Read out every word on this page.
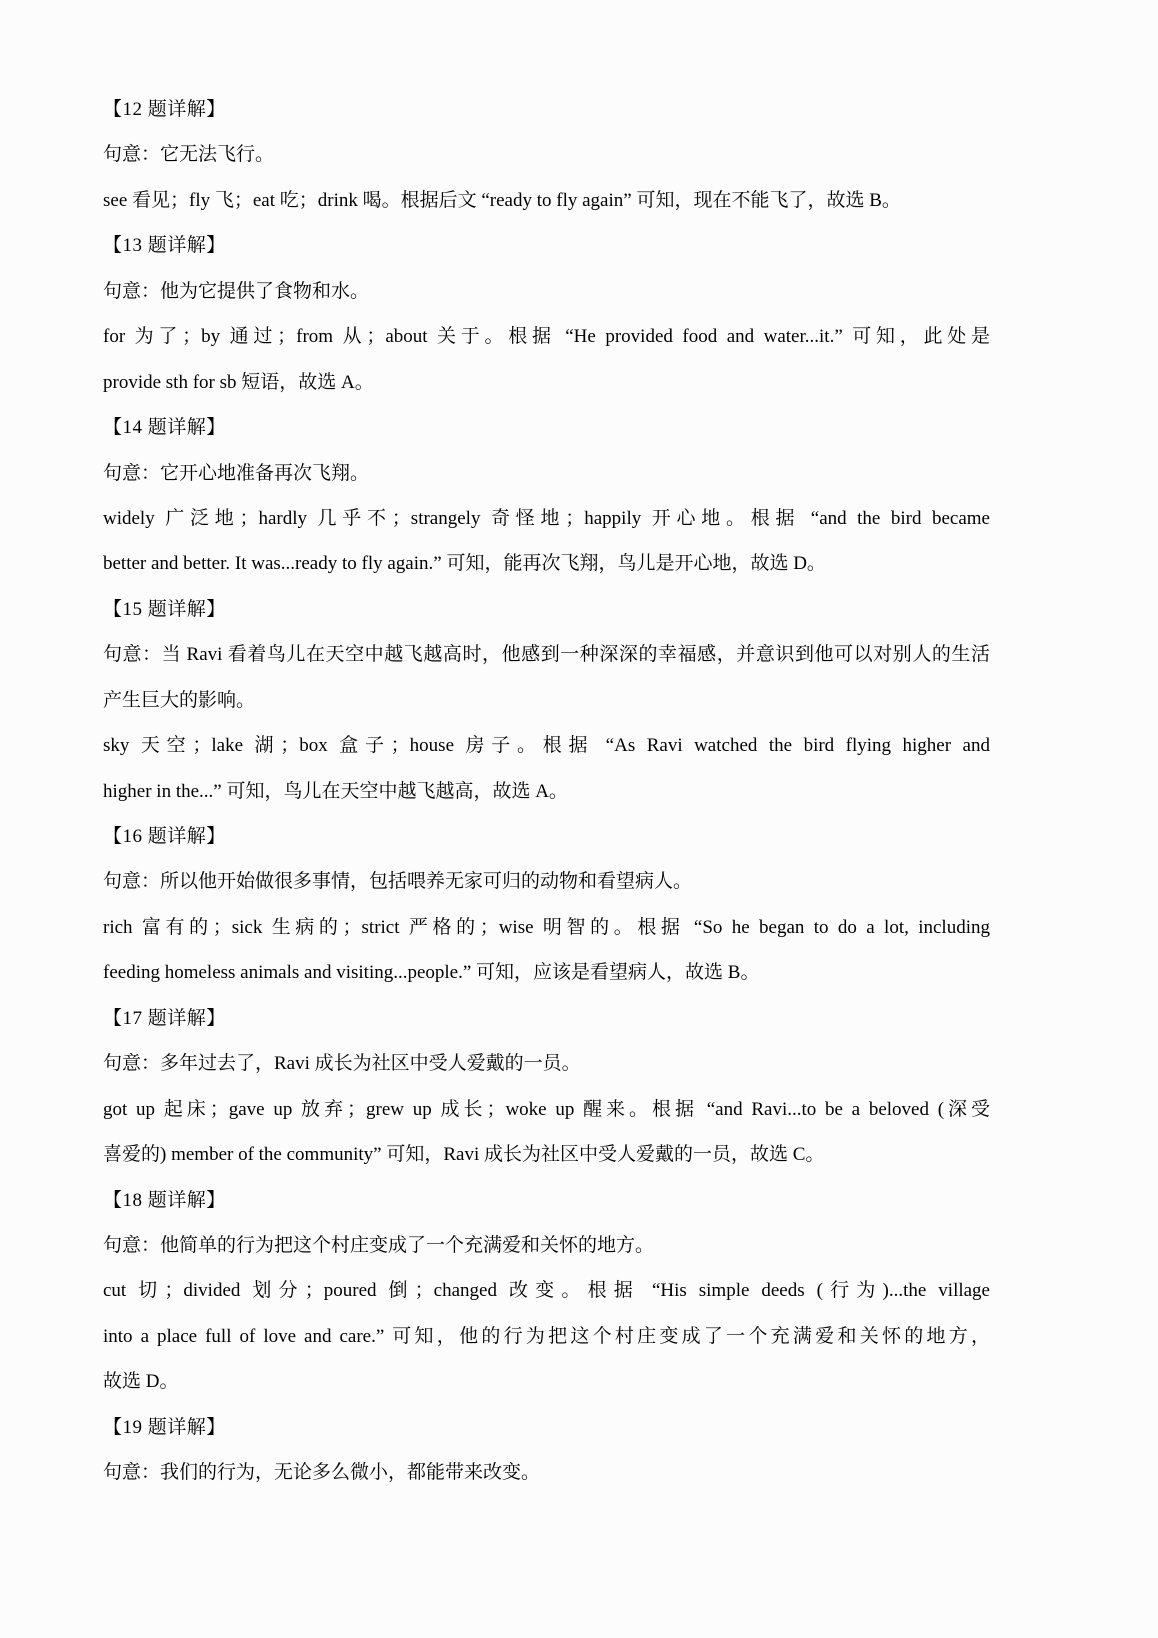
【12 题详解】
句意：它无法飞行。
see 看见；fly 飞；eat 吃；drink 喝。根据后文 “ready to fly again” 可知，现在不能飞了，故选 B。
【13 题详解】
句意：他为它提供了食物和水。
for 为了；by 通过；from 从；about 关于。根据 “He provided food and water...it.” 可知，此处是
provide sth for sb 短语，故选 A。
【14 题详解】
句意：它开心地准备再次飞翔。
widely 广泛地；hardly 几乎不；strangely 奇怪地；happily 开心地。根据 “and the bird became
better and better. It was...ready to fly again.” 可知，能再次飞翔，鸟儿是开心地，故选 D。
【15 题详解】
句意：当 Ravi 看着鸟儿在天空中越飞越高时，他感到一种深深的幸福感，并意识到他可以对别人的生活
产生巨大的影响。
sky 天空；lake 湖；box 盒子；house 房子。根据 “As Ravi watched the bird flying higher and
higher in the...” 可知，鸟儿在天空中越飞越高，故选 A。
【16 题详解】
句意：所以他开始做很多事情，包括喂养无家可归的动物和看望病人。
rich 富有的；sick 生病的；strict 严格的；wise 明智的。根据 “So he began to do a lot, including
feeding homeless animals and visiting...people.” 可知，应该是看望病人，故选 B。
【17 题详解】
句意：多年过去了，Ravi 成长为社区中受人爱戴的一员。
got up 起床；gave up 放弃；grew up 成长；woke up 醒来。根据 “and Ravi...to be a beloved (深受
喜爱的) member of the community” 可知，Ravi 成长为社区中受人爱戴的一员，故选 C。
【18 题详解】
句意：他简单的行为把这个村庄变成了一个充满爱和关怀的地方。
cut 切；divided 划分；poured 倒；changed 改变。根据 “His simple deeds (行为)...the village
into a place full of love and care.” 可知，他的行为把这个村庄变成了一个充满爱和关怀的地方，
故选 D。
【19 题详解】
句意：我们的行为，无论多么微小，都能带来改变。
